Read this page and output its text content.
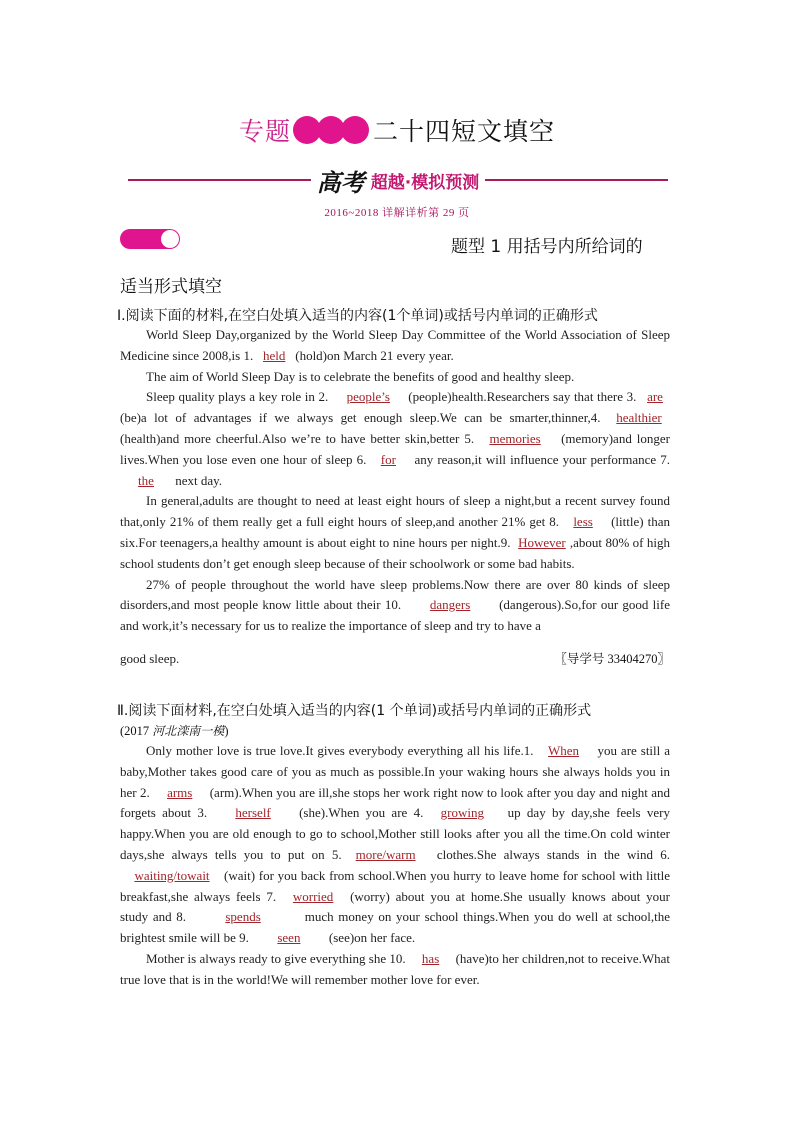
专题	二十四短文填空
高考 超越·模拟预测
2016~2018 详解详析第 29 页
题型 1 用括号内所给词的
适当形式填空
Ⅰ.阅读下面的材料,在空白处填入适当的内容(1个单词)或括号内单词的正确形式

World Sleep Day,organized by the World Sleep Day Committee of the World Association of Sleep Medicine since 2008,is 1. held (hold)on March 21 every year.

The aim of World Sleep Day is to celebrate the benefits of good and healthy sleep.

Sleep quality plays a key role in 2. people’s (people)health.Researchers say that there 3. are(be)a lot of advantages if we always get enough sleep.We can be smarter,thinner,4. healthier(health)and more cheerful.Also we’re to have better skin,better 5. memories (memory)and longer lives.When you lose even one hour of sleep 6. for any reason,it will influence your performance 7.the next day.

In general,adults are thought to need at least eight hours of sleep a night,but a recent survey found that,only 21% of them really get a full eight hours of sleep,and another 21% get 8. less (little) than six.For teenagers,a healthy amount is about eight to nine hours per night.9. However ,about 80% of high school students don’t get enough sleep because of their schoolwork or some bad habits.

27% of people throughout the world have sleep problems.Now there are over 80 kinds of sleep disorders,and most people know little about their 10. dangers (dangerous).So,for our good life and work,it’s necessary for us to realize the importance of sleep and try to have a

good sleep.	〖导学号 33404270〗
Ⅱ.阅读下面材料,在空白处填入适当的内容(1 个单词)或括号内单词的正确形式
(2017 河北滦南一模)

Only mother love is true love.It gives everybody everything all his life.1. When you are still a baby,Mother takes good care of you as much as possible.In your waking hours she always holds you in her 2. arms (arm).When you are ill,she stops her work right now to look after you day and night and forgets about 3. herself (she).When you are 4. growing up day by day,she feels very happy.When you are old enough to go to school,Mother still looks after you all the time.On cold winter days,she always tells you to put on 5. more/warm clothes.She always stands in the wind 6.waiting/towait (wait) for you back from school.When you hurry to leave home for school with little breakfast,she always feels 7. worried (worry) about you at home.She usually knows about your study and 8.	spends	much money on your school things.When you do well at school,the brightest smile will be 9. seen (see)on her face.

Mother is always ready to give everything she 10. has (have)to her children,not to receive.What true love that is in the world!We will remember mother love for ever.
